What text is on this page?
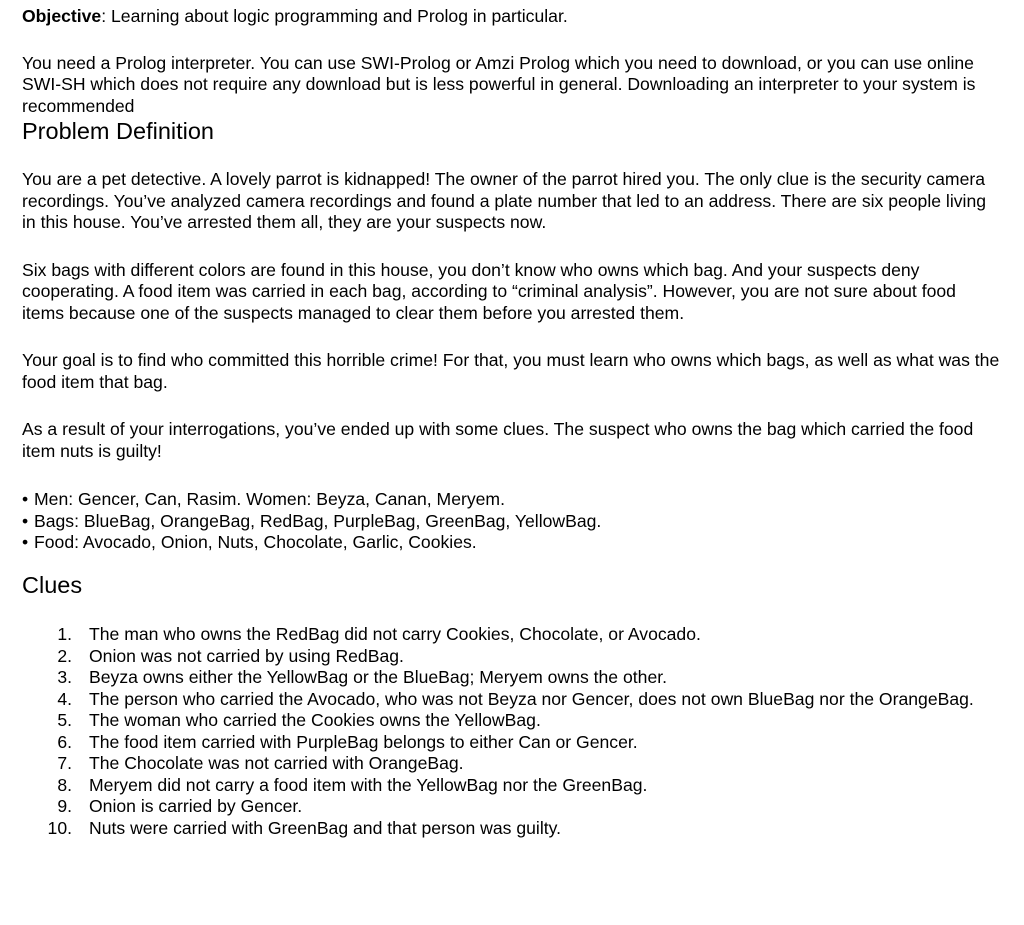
Objective: Learning about logic programming and Prolog in particular.

You need a Prolog interpreter. You can use SWI-Prolog or Amzi Prolog which you need to download, or you can use online SWI-SH which does not require any download but is less powerful in general. Downloading an interpreter to your system is recommended

Problem Definition

You are a pet detective. A lovely parrot is kidnapped! The owner of the parrot hired you. The only clue is the security camera recordings. You’ve analyzed camera recordings and found a plate number that led to an address. There are six people living in this house. You’ve arrested them all, they are your suspects now.

Six bags with different colors are found in this house, you don’t know who owns which bag. And your suspects deny cooperating. A food item was carried in each bag, according to “criminal analysis”. However, you are not sure about food items because one of the suspects managed to clear them before you arrested them.

Your goal is to find who committed this horrible crime! For that, you must learn who owns which bags, as well as what was the food item that bag.

As a result of your interrogations, you’ve ended up with some clues. The suspect who owns the bag which carried the food item nuts is guilty!

• Men: Gencer, Can, Rasim. Women: Beyza, Canan, Meryem.
• Bags: BlueBag, OrangeBag, RedBag, PurpleBag, GreenBag, YellowBag.
• Food: Avocado, Onion, Nuts, Chocolate, Garlic, Cookies.
Clues
1. The man who owns the RedBag did not carry Cookies, Chocolate, or Avocado.
2. Onion was not carried by using RedBag.
3. Beyza owns either the YellowBag or the BlueBag; Meryem owns the other.
4. The person who carried the Avocado, who was not Beyza nor Gencer, does not own BlueBag nor the OrangeBag.
5. The woman who carried the Cookies owns the YellowBag.
6. The food item carried with PurpleBag belongs to either Can or Gencer.
7. The Chocolate was not carried with OrangeBag.
8. Meryem did not carry a food item with the YellowBag nor the GreenBag.
9. Onion is carried by Gencer.
10. Nuts were carried with GreenBag and that person was guilty.
